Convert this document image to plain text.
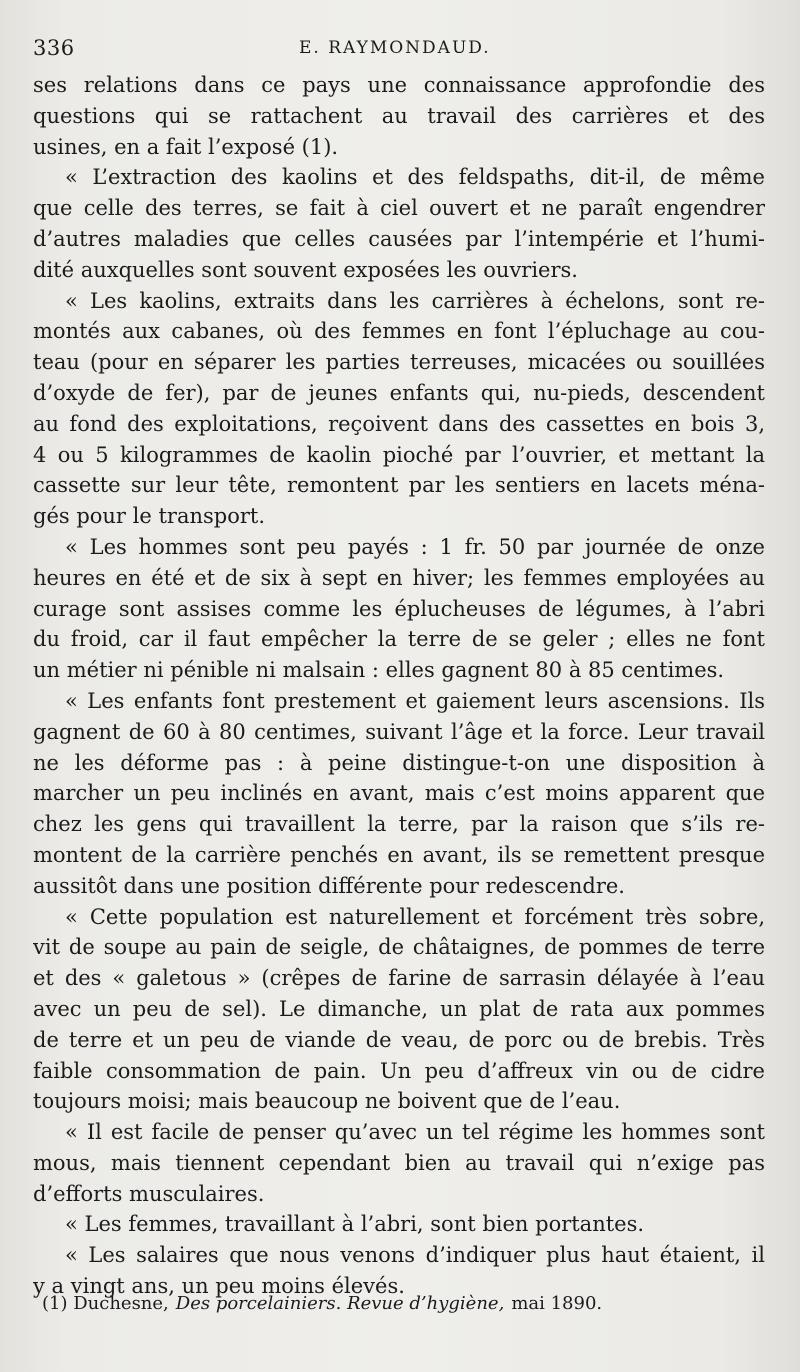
336	E. RAYMONDAUD.
ses relations dans ce pays une connaissance approfondie des
questions qui se rattachent au travail des carrières et des
usines, en a fait l’exposé (1).
« L’extraction des kaolins et des feldspaths, dit-il, de même
que celle des terres, se fait à ciel ouvert et ne paraît engendrer
d’autres maladies que celles causées par l’intempérie et l’humi-
dité auxquelles sont souvent exposées les ouvriers.
« Les kaolins, extraits dans les carrières à échelons, sont re-
montés aux cabanes, où des femmes en font l’épluchage au cou-
teau (pour en séparer les parties terreuses, micacées ou souillées
d’oxyde de fer), par de jeunes enfants qui, nu-pieds, descendent
au fond des exploitations, reçoivent dans des cassettes en bois 3,
4 ou 5 kilogrammes de kaolin pioché par l’ouvrier, et mettant la
cassette sur leur tête, remontent par les sentiers en lacets ména-
gés pour le transport.
« Les hommes sont peu payés : 1 fr. 50 par journée de onze
heures en été et de six à sept en hiver; les femmes employées au
curage sont assises comme les éplucheuses de légumes, à l’abri
du froid, car il faut empêcher la terre de se geler ; elles ne font
un métier ni pénible ni malsain : elles gagnent 80 à 85 centimes.
« Les enfants font prestement et gaiement leurs ascensions. Ils
gagnent de 60 à 80 centimes, suivant l’âge et la force. Leur travail
ne les déforme pas : à peine distingue-t-on une disposition à
marcher un peu inclinés en avant, mais c’est moins apparent que
chez les gens qui travaillent la terre, par la raison que s’ils re-
montent de la carrière penchés en avant, ils se remettent presque
aussitôt dans une position différente pour redescendre.
« Cette population est naturellement et forcément très sobre,
vit de soupe au pain de seigle, de châtaignes, de pommes de terre
et des « galetous » (crêpes de farine de sarrasin délayée à l’eau
avec un peu de sel). Le dimanche, un plat de rata aux pommes
de terre et un peu de viande de veau, de porc ou de brebis. Très
faible consommation de pain. Un peu d’affreux vin ou de cidre
toujours moisi; mais beaucoup ne boivent que de l’eau.
« Il est facile de penser qu’avec un tel régime les hommes sont
mous, mais tiennent cependant bien au travail qui n’exige pas
d’efforts musculaires.
« Les femmes, travaillant à l’abri, sont bien portantes.
« Les salaires que nous venons d’indiquer plus haut étaient, il
y a vingt ans, un peu moins élevés.
(1) Duchesne, Des porcelainiers. Revue d’hygiène, mai 1890.
